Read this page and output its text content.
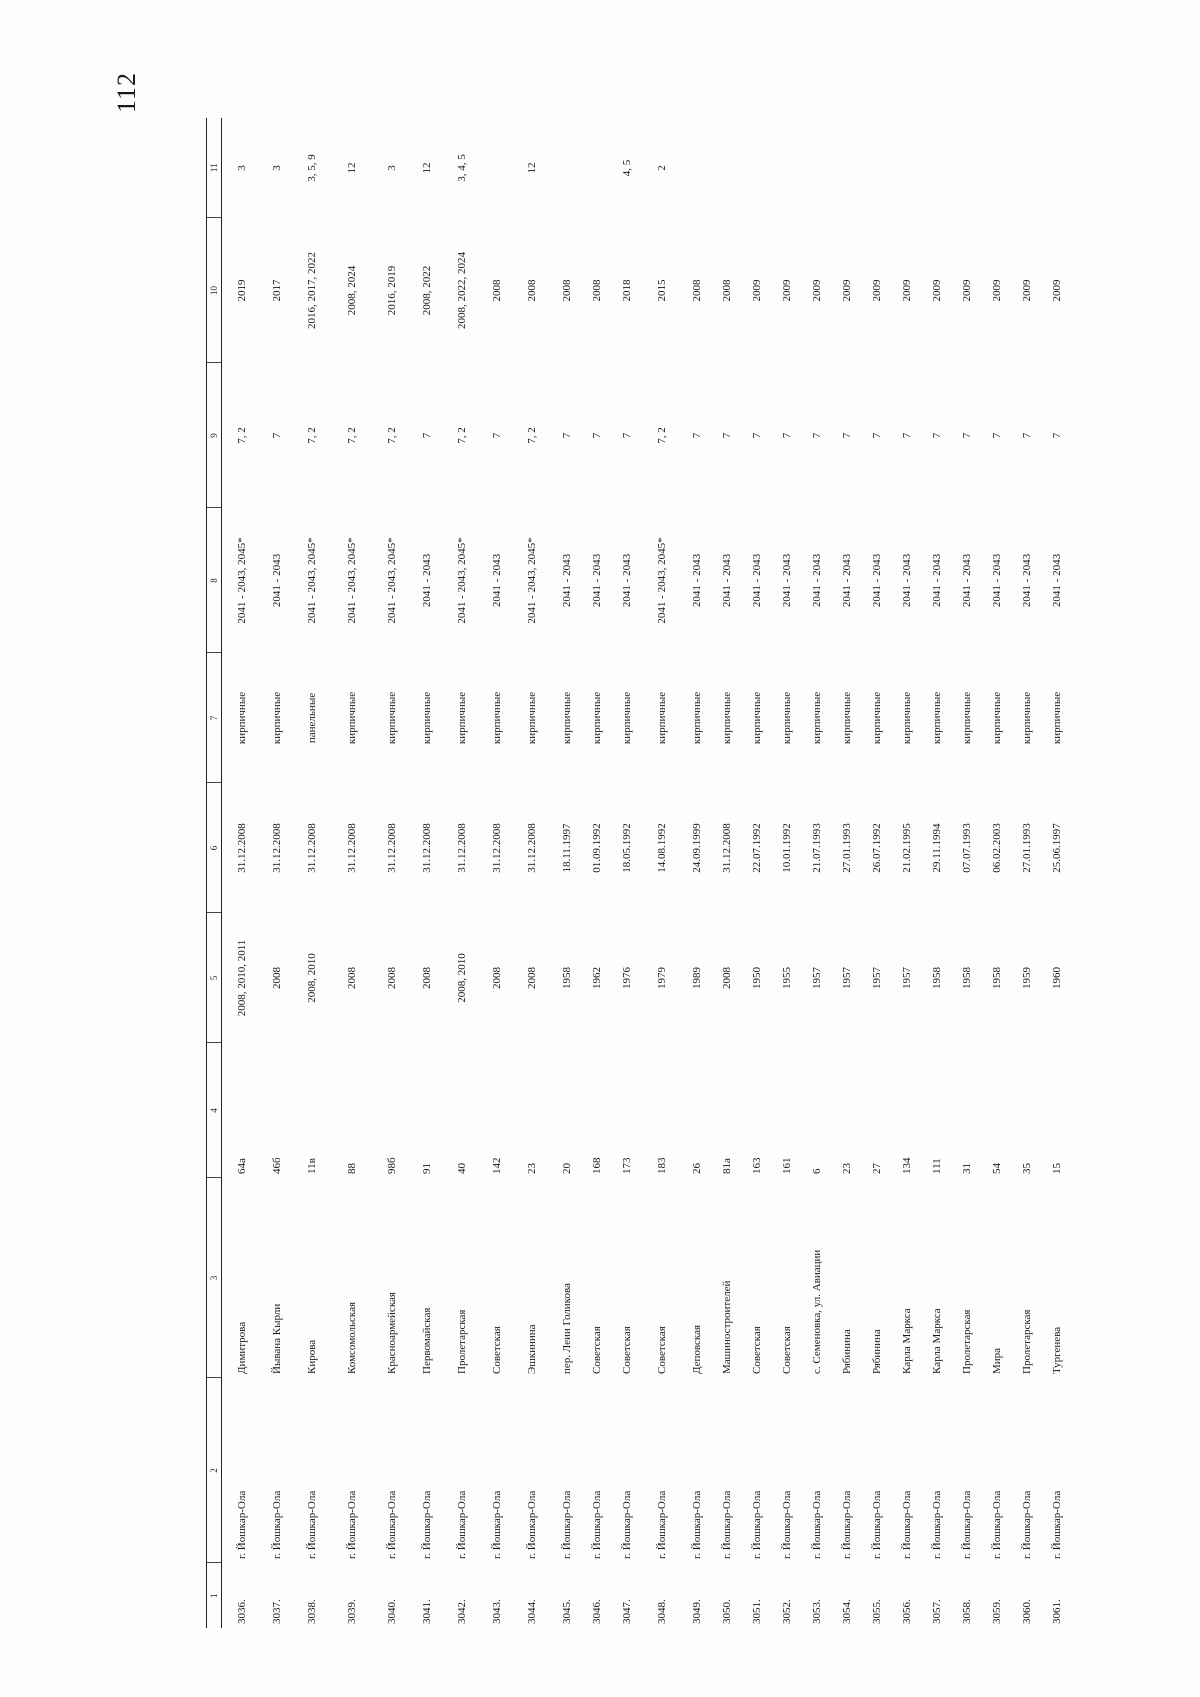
112
1	2	3	4	5	6	7	8	9	10	11
3036.	г. Йошкар-Ола	Димитрова	64а	2008, 2010, 2011	31.12.2008	кирпичные	2041 - 2043, 2045*	7, 2	2019	3
3037.	г. Йошкар-Ола	Йывана Кырли	46б	2008	31.12.2008	кирпичные	2041 - 2043	7	2017	3
3038.	г. Йошкар-Ола	Кирова	11в	2008, 2010	31.12.2008	панельные	2041 - 2043, 2045*	7, 2	2016, 2017, 2022	3, 5, 9
3039.	г. Йошкар-Ола	Комсомольская	88	2008	31.12.2008	кирпичные	2041 - 2043, 2045*	7, 2	2008, 2024	12
3040.	г. Йошкар-Ола	Красноармейская	98б	2008	31.12.2008	кирпичные	2041 - 2043, 2045*	7, 2	2016, 2019	3
3041.	г. Йошкар-Ола	Первомайская	91	2008	31.12.2008	кирпичные	2041 - 2043	7	2008, 2022	12
3042.	г. Йошкар-Ола	Пролетарская	40	2008, 2010	31.12.2008	кирпичные	2041 - 2043, 2045*	7, 2	2008, 2022, 2024	3, 4, 5
3043.	г. Йошкар-Ола	Советская	142	2008	31.12.2008	кирпичные	2041 - 2043	7	2008	
3044.	г. Йошкар-Ола	Эшкинина	23	2008	31.12.2008	кирпичные	2041 - 2043, 2045*	7, 2	2008	12
3045.	г. Йошкар-Ола	пер. Леии Голикова	20	1958	18.11.1997	кирпичные	2041 - 2043	7	2008	
3046.	г. Йошкар-Ола	Советская	168	1962	01.09.1992	кирпичные	2041 - 2043	7	2008	
3047.	г. Йошкар-Ола	Советская	173	1976	18.05.1992	кирпичные	2041 - 2043	7	2018	4, 5
3048.	г. Йошкар-Ола	Советская	183	1979	14.08.1992	кирпичные	2041 - 2043, 2045*	7, 2	2015	2
3049.	г. Йошкар-Ола	Деповская	26	1989	24.09.1999	кирпичные	2041 - 2043	7	2008	
3050.	г. Йошкар-Ола	Машиностроителей	81а	2008	31.12.2008	кирпичные	2041 - 2043	7	2008	
3051.	г. Йошкар-Ола	Советская	163	1950	22.07.1992	кирпичные	2041 - 2043	7	2009	
3052.	г. Йошкар-Ола	Советская	161	1955	10.01.1992	кирпичные	2041 - 2043	7	2009	
3053.	г. Йошкар-Ола	с. Семеновка, ул. Авиации	6	1957	21.07.1993	кирпичные	2041 - 2043	7	2009	
3054.	г. Йошкар-Ола	Рябинина	23	1957	27.01.1993	кирпичные	2041 - 2043	7	2009	
3055.	г. Йошкар-Ола	Рябинина	27	1957	26.07.1992	кирпичные	2041 - 2043	7	2009	
3056.	г. Йошкар-Ола	Карла Маркса	134	1957	21.02.1995	кирпичные	2041 - 2043	7	2009	
3057.	г. Йошкар-Ола	Карла Маркса	111	1958	29.11.1994	кирпичные	2041 - 2043	7	2009	
3058.	г. Йошкар-Ола	Пролетарская	31	1958	07.07.1993	кирпичные	2041 - 2043	7	2009	
3059.	г. Йошкар-Ола	Мира	54	1958	06.02.2003	кирпичные	2041 - 2043	7	2009	
3060.	г. Йошкар-Ола	Пролетарская	35	1959	27.01.1993	кирпичные	2041 - 2043	7	2009	
3061.	г. Йошкар-Ола	Тургенева	15	1960	25.06.1997	кирпичные	2041 - 2043	7	2009	
